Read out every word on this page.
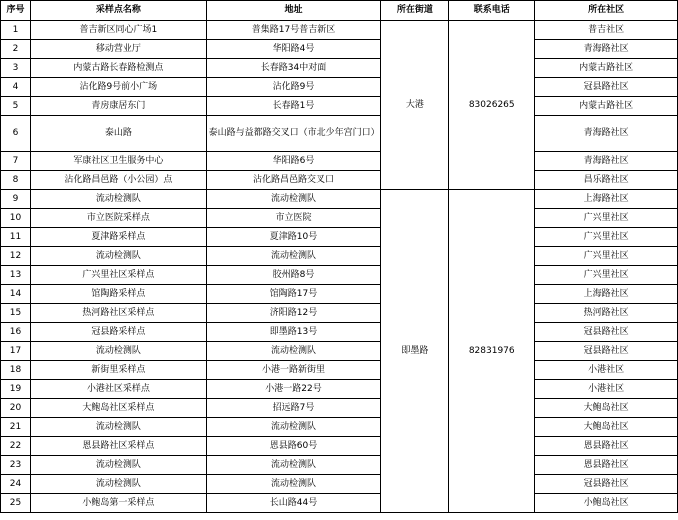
序号	采样点名称	地址	所在街道	联系电话	所在社区
1	普吉新区同心广场1	普集路17号普吉新区	大港	83026265	普吉社区
2	移动营业厅	华阳路4号			青海路社区
3	内蒙古路长春路检测点	长春路34中对面			内蒙古路社区
4	沾化路9号前小广场	沾化路9号			冠县路社区
5	青房康居东门	长春路1号			内蒙古路社区
6	泰山路	泰山路与益都路交叉口（市北少年宫门口）			青海路社区
7	军康社区卫生服务中心	华阳路6号			青海路社区
8	沾化路昌邑路（小公园）点	沾化路昌邑路交叉口			昌乐路社区
9	流动检测队	流动检测队	即墨路	82831976	上海路社区
10	市立医院采样点	市立医院			广兴里社区
11	夏津路采样点	夏津路10号			广兴里社区
12	流动检测队	流动检测队			广兴里社区
13	广兴里社区采样点	胶州路8号			广兴里社区
14	馆陶路采样点	馆陶路17号			上海路社区
15	热河路社区采样点	济阳路12号			热河路社区
16	冠县路采样点	即墨路13号			冠县路社区
17	流动检测队	流动检测队			冠县路社区
18	新街里采样点	小港一路新街里			小港社区
19	小港社区采样点	小港一路22号			小港社区
20	大鲍岛社区采样点	招远路7号			大鲍岛社区
21	流动检测队	流动检测队			大鲍岛社区
22	恩县路社区采样点	恩县路60号			恩县路社区
23	流动检测队	流动检测队			恩县路社区
24	流动检测队	流动检测队			冠县路社区
25	小鲍岛第一采样点	长山路44号			小鲍岛社区
